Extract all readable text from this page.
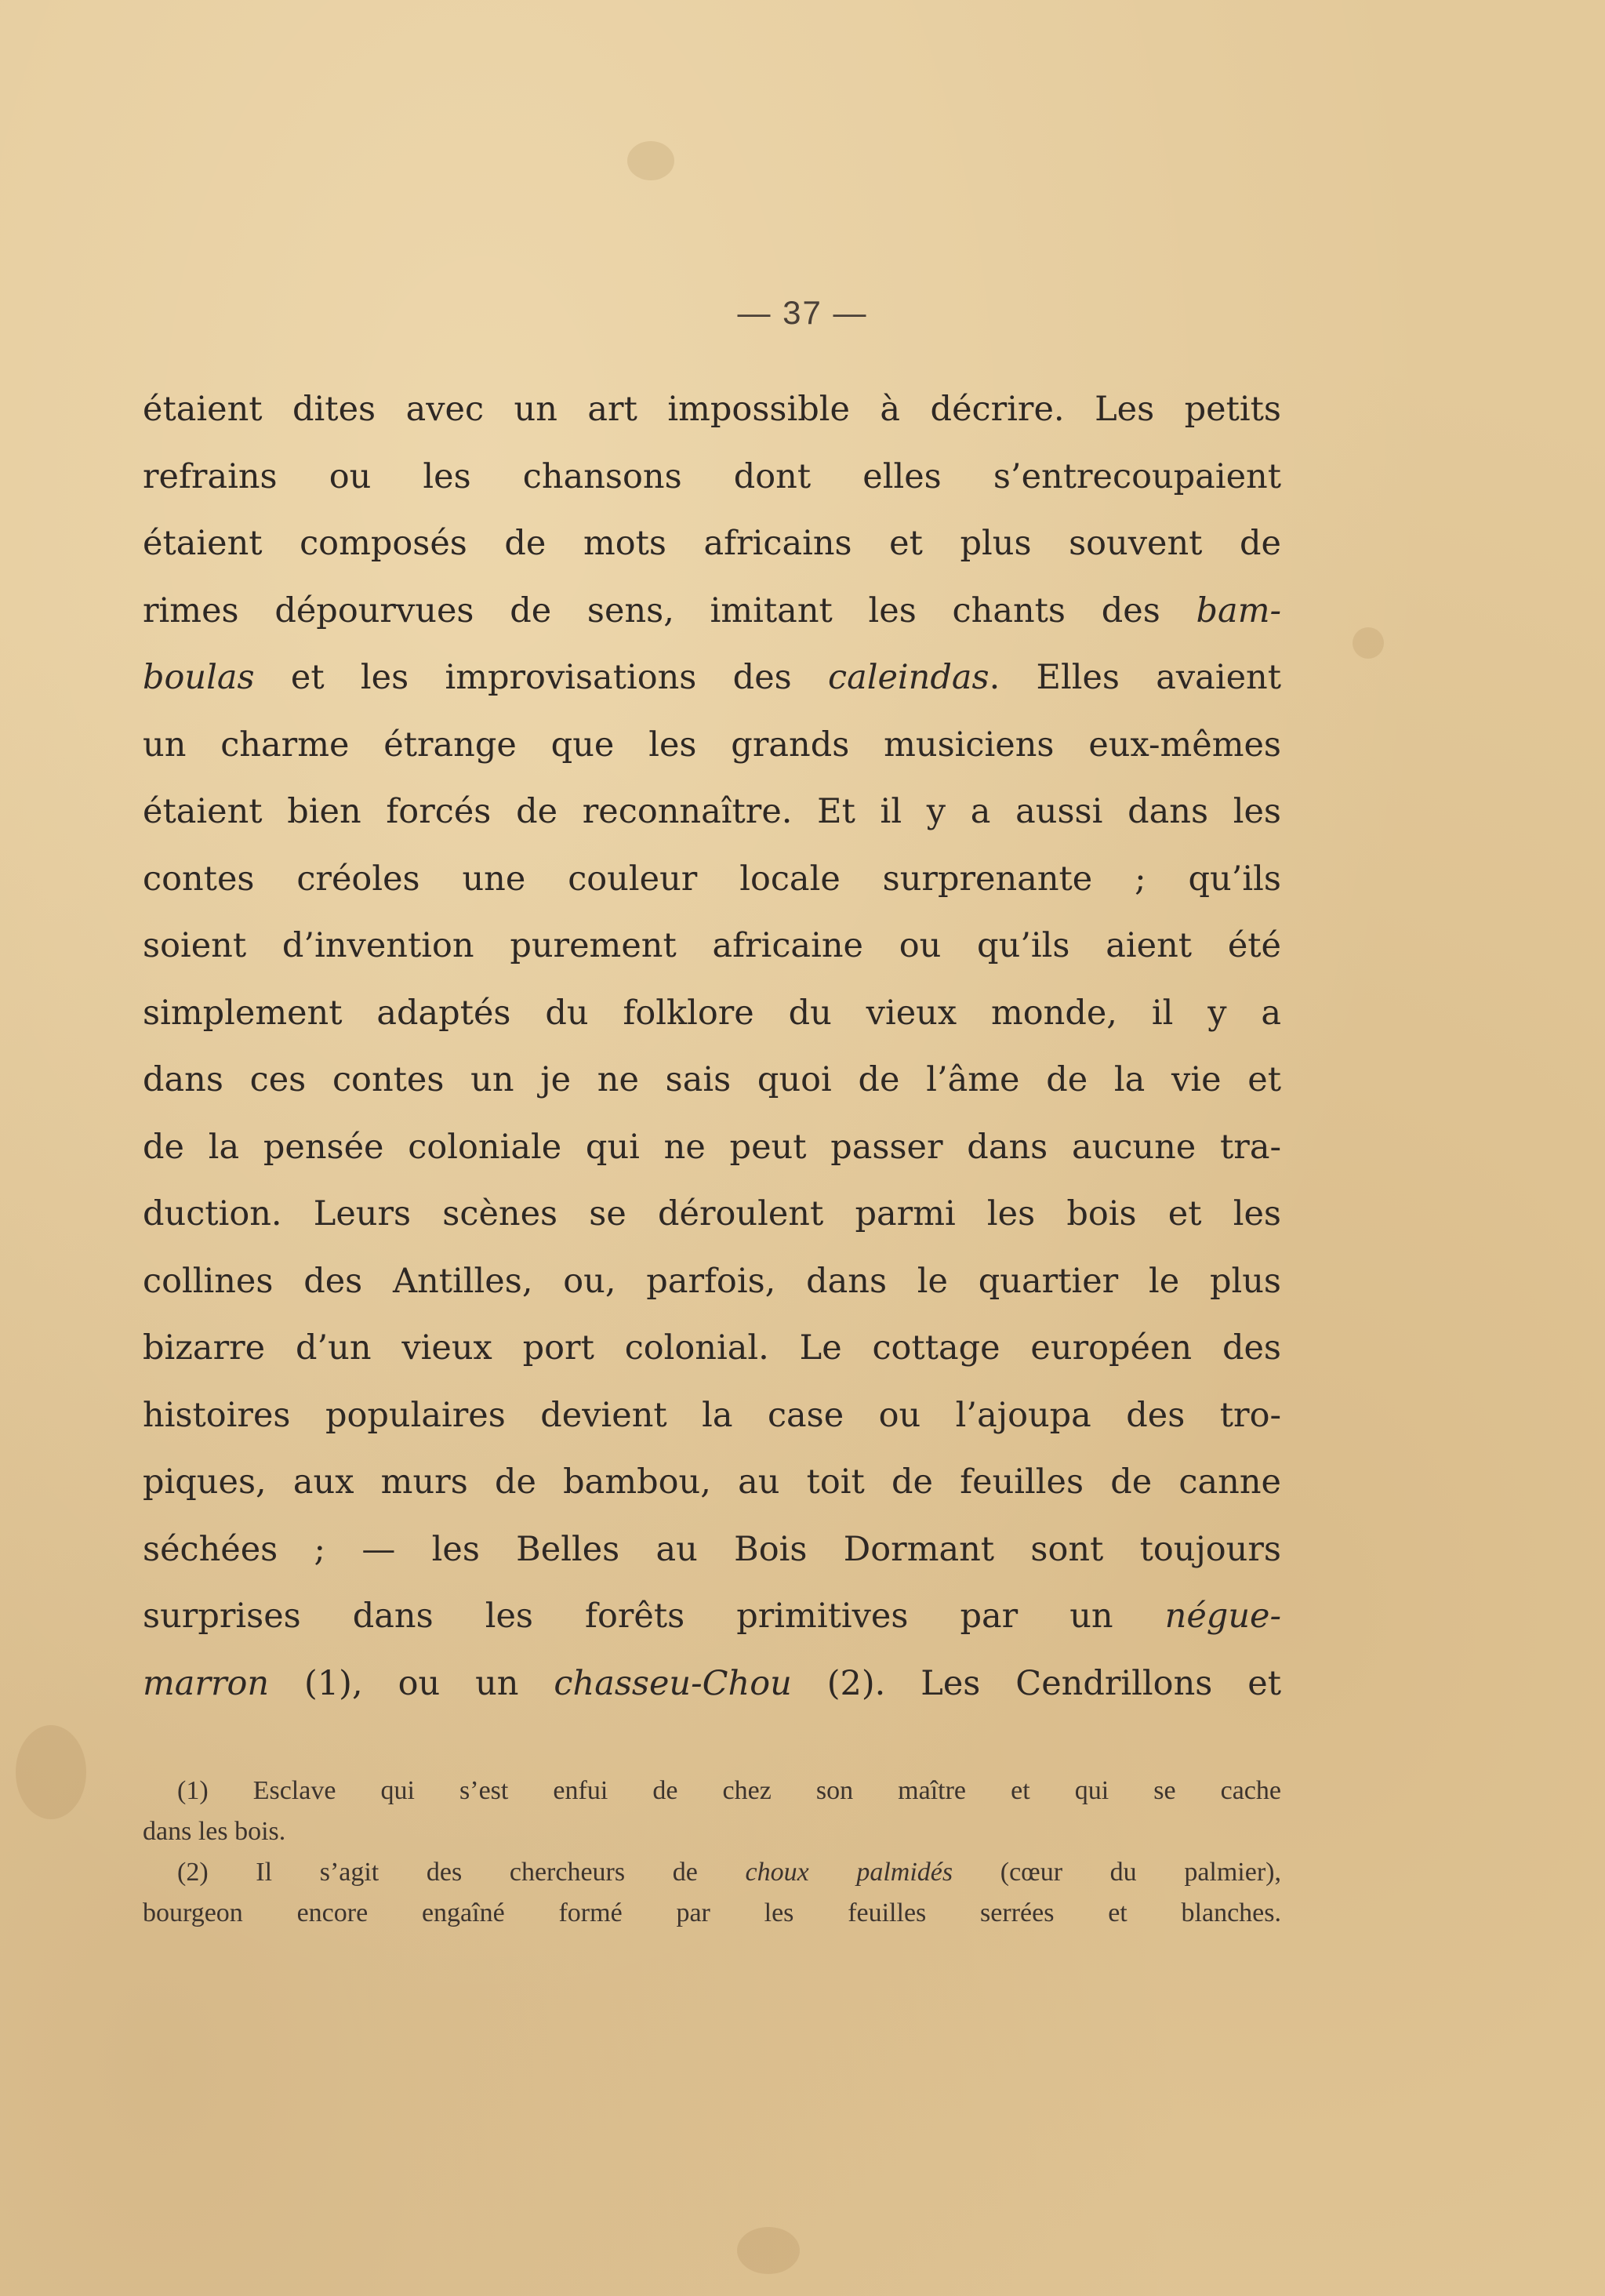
— 37 —
étaient dites avec un art impossible à décrire. Les petits
refrains ou les chansons dont elles s’entrecoupaient
étaient composés de mots africains et plus souvent de
rimes dépourvues de sens, imitant les chants des bam-
boulas et les improvisations des caleindas. Elles avaient
un charme étrange que les grands musiciens eux-mêmes
étaient bien forcés de reconnaître. Et il y a aussi dans les
contes créoles une couleur locale surprenante ; qu’ils
soient d’invention purement africaine ou qu’ils aient été
simplement adaptés du folklore du vieux monde, il y a
dans ces contes un je ne sais quoi de l’âme de la vie et
de la pensée coloniale qui ne peut passer dans aucune tra-
duction. Leurs scènes se déroulent parmi les bois et les
collines des Antilles, ou, parfois, dans le quartier le plus
bizarre d’un vieux port colonial. Le cottage européen des
histoires populaires devient la case ou l’ajoupa des tro-
piques, aux murs de bambou, au toit de feuilles de canne
séchées ; — les Belles au Bois Dormant sont toujours
surprises dans les forêts primitives par un négue-
marron (1), ou un chasseu-Chou (2). Les Cendrillons et
(1) Esclave qui s’est enfui de chez son maître et qui se cache
dans les bois.
(2) Il s’agit des chercheurs de choux palmidés (cœur du palmier),
bourgeon encore engaîné formé par les feuilles serrées et blanches.
